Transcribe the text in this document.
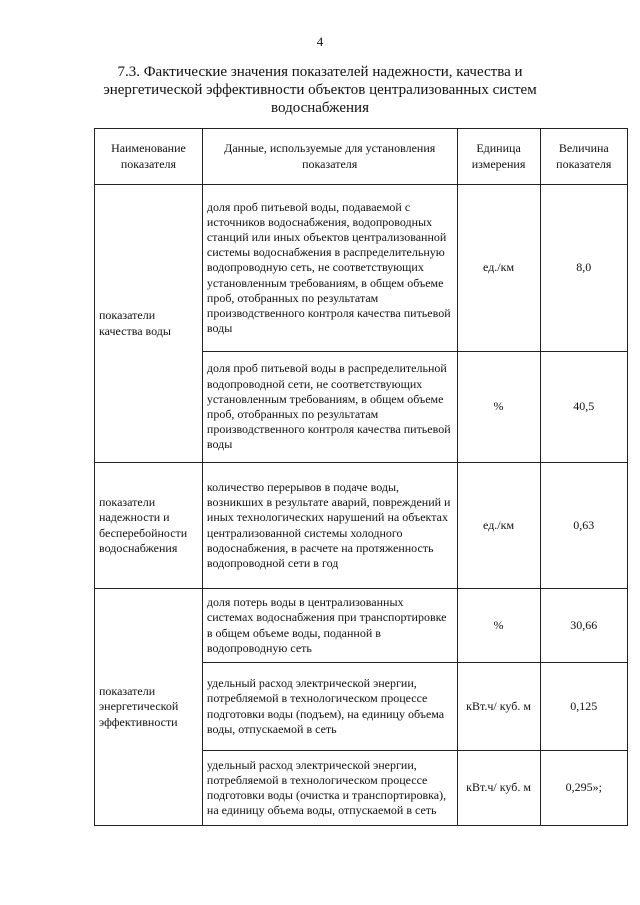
4
7.3. Фактические значения показателей надежности, качества и энергетической эффективности объектов централизованных систем водоснабжения
Наименование показателя	Данные, используемые для установления показателя	Единица измерения	Величина показателя
показатели качества воды	доля проб питьевой воды, подаваемой с источников водоснабжения, водопроводных станций или иных объектов централизованной системы водоснабжения в распределительную водопроводную сеть, не соответствующих установленным требованиям, в общем объеме проб, отобранных по результатам производственного контроля качества питьевой воды	ед./км	8,0
	доля проб питьевой воды в распределительной водопроводной сети, не соответствующих установленным требованиям, в общем объеме проб, отобранных по результатам производственного контроля качества питьевой воды	%	40,5
показатели надежности и бесперебойности водоснабжения	количество перерывов в подаче воды, возникших в результате аварий, повреждений и иных технологических нарушений на объектах централизованной системы холодного водоснабжения, в расчете на протяженность водопроводной сети в год	ед./км	0,63
показатели энергетической эффективности	доля потерь воды в централизованных системах водоснабжения при транспортировке в общем объеме воды, поданной в водопроводную сеть	%	30,66
	удельный расход электрической энергии, потребляемой в технологическом процессе подготовки воды (подъем), на единицу объема воды, отпускаемой в сеть	кВт.ч/ куб. м	0,125
	удельный расход электрической энергии, потребляемой в технологическом процессе подготовки воды (очистка и транспортировка), на единицу объема воды, отпускаемой в сеть	кВт.ч/ куб. м	0,295»;
